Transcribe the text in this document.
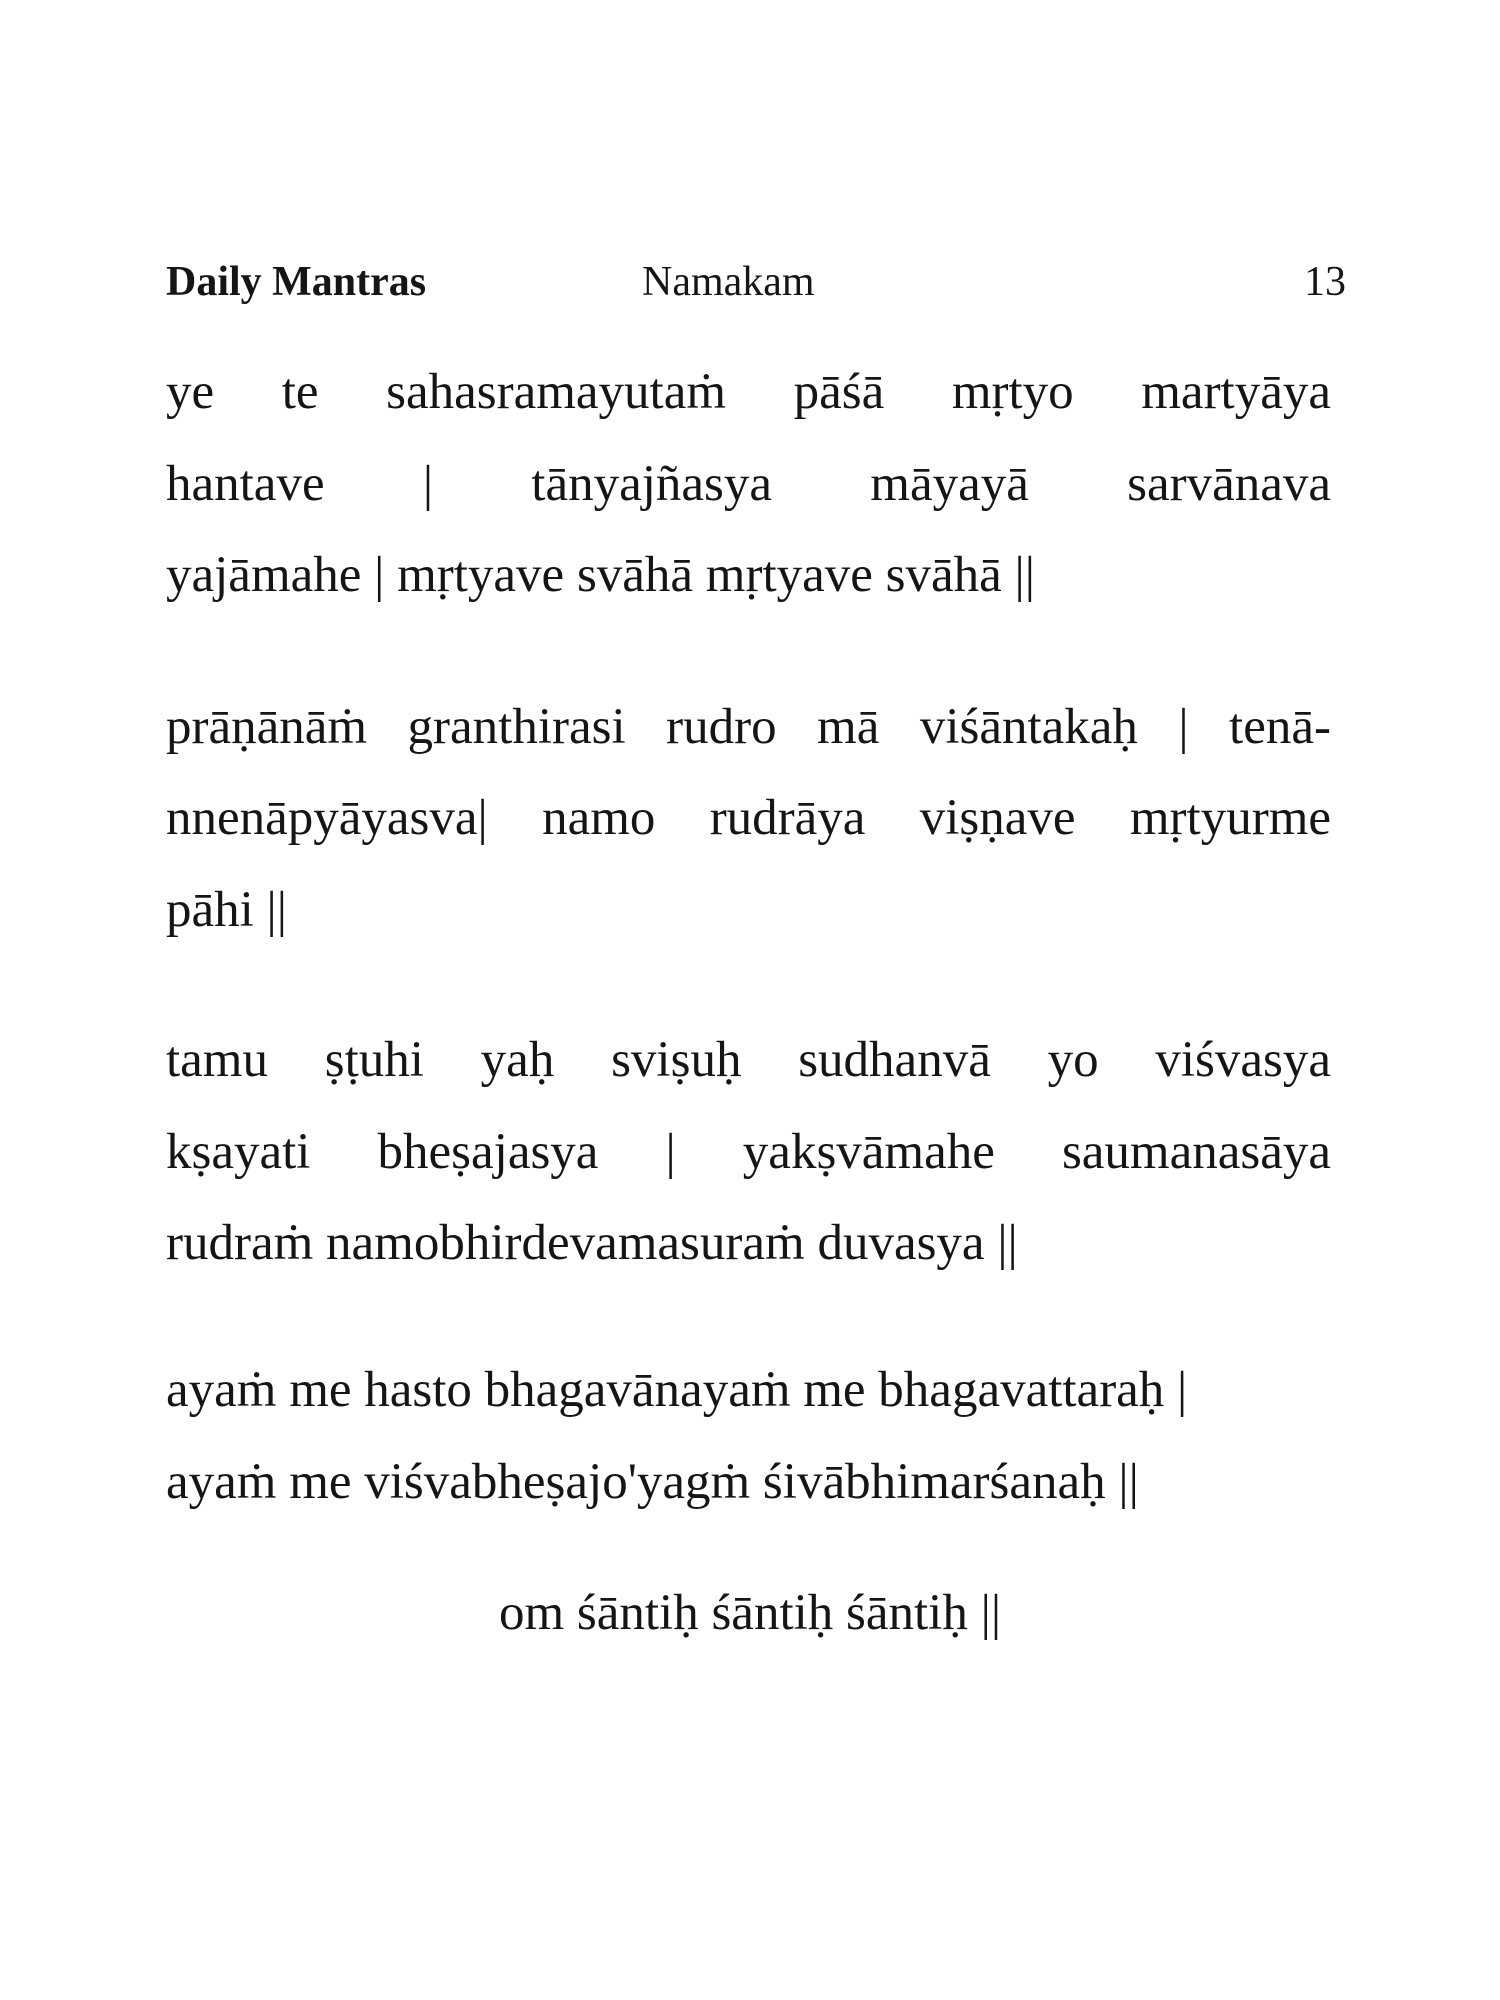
Daily Mantras	Namakam	13
ye te sahasramayutaṁ pāśā mṛtyo martyāya
hantave | tānyajñasya māyayā sarvānava
yajāmahe | mṛtyave svāhā mṛtyave svāhā ||
prāṇānāṁ granthirasi rudro mā viśāntakaḥ | tenā-
nnenāpyāyasva| namo rudrāya viṣṇave mṛtyurme
pāhi ||
tamu ṣṭuhi yaḥ sviṣuḥ sudhanvā yo viśvasya
kṣayati bheṣajasya | yakṣvāmahe saumanasāya
rudraṁ namobhirdevamasuraṁ duvasya ||
ayaṁ me hasto bhagavānayaṁ me bhagavattaraḥ |
ayaṁ me viśvabheṣajo'yagṁ śivābhimarśanaḥ ||
om śāntiḥ śāntiḥ śāntiḥ ||
